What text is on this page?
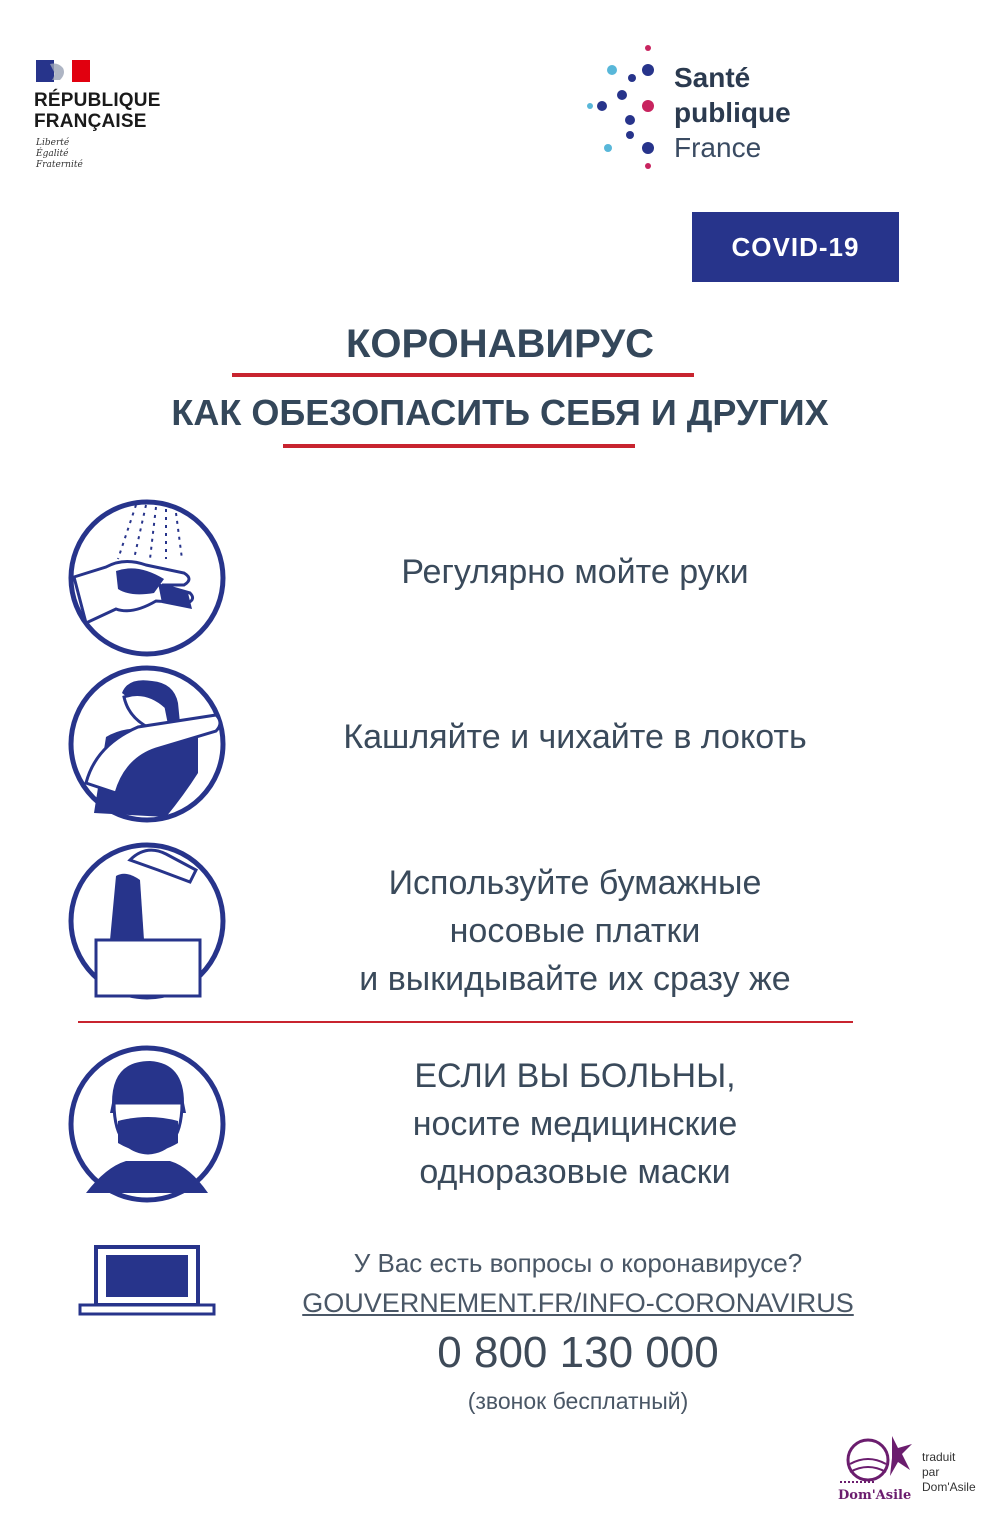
RÉPUBLIQUE
FRANÇAISE
Liberté
Égalité
Fraternité
Santé
publique
France
COVID-19
КОРОНАВИРУС
КАК ОБЕЗОПАСИТЬ СЕБЯ И ДРУГИХ
Регулярно мойте руки
Кашляйте и чихайте в локоть
Используйте бумажные
носовые платки
и выкидывайте их сразу же
ЕСЛИ ВЫ БОЛЬНЫ,
носите медицинские
одноразовые маски
У Вас есть вопросы о коронавирусе?
GOUVERNEMENT.FR/INFO-CORONAVIRUS
0 800 130 000
(звонок бесплатный)
Dom'Asile
traduit
par
Dom'Asile
